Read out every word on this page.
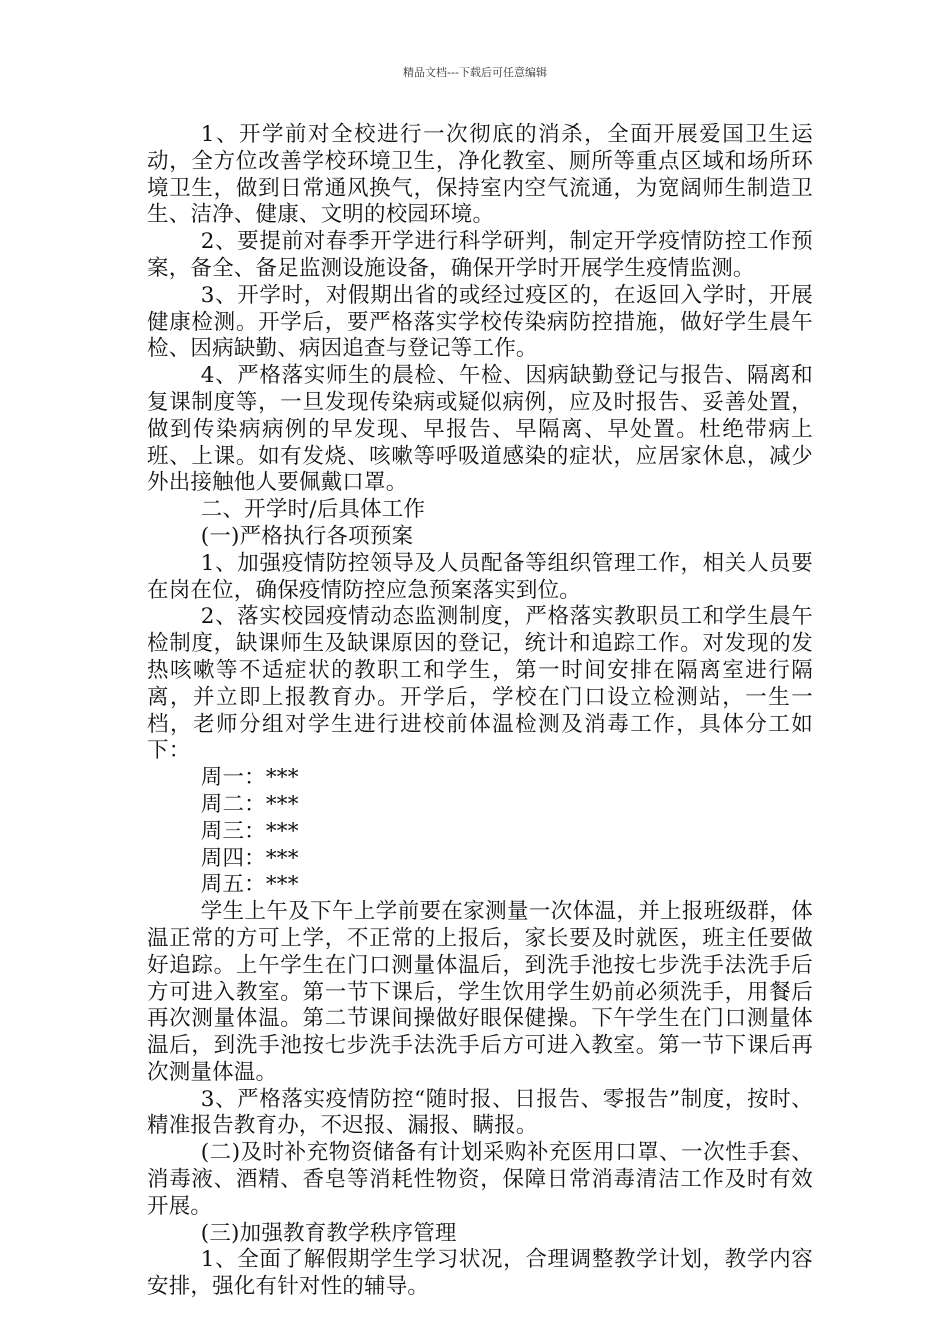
精品文档---下载后可任意编辑

1、开学前对全校进行一次彻底的消杀，全面开展爱国卫生运动，全方位改善学校环境卫生，净化教室、厕所等重点区域和场所环境卫生，做到日常通风换气，保持室内空气流通，为宽阔师生制造卫生、洁净、健康、文明的校园环境。

2、要提前对春季开学进行科学研判，制定开学疫情防控工作预案，备全、备足监测设施设备，确保开学时开展学生疫情监测。

3、开学时，对假期出省的或经过疫区的，在返回入学时，开展健康检测。开学后，要严格落实学校传染病防控措施，做好学生晨午检、因病缺勤、病因追查与登记等工作。

4、严格落实师生的晨检、午检、因病缺勤登记与报告、隔离和复课制度等，一旦发现传染病或疑似病例，应及时报告、妥善处置，做到传染病病例的早发现、早报告、早隔离、早处置。杜绝带病上班、上课。如有发烧、咳嗽等呼吸道感染的症状，应居家休息，减少外出接触他人要佩戴口罩。

二、开学时/后具体工作

(一)严格执行各项预案

1、加强疫情防控领导及人员配备等组织管理工作，相关人员要在岗在位，确保疫情防控应急预案落实到位。

2、落实校园疫情动态监测制度，严格落实教职员工和学生晨午检制度，缺课师生及缺课原因的登记，统计和追踪工作。对发现的发热咳嗽等不适症状的教职工和学生，第一时间安排在隔离室进行隔离，并立即上报教育办。开学后，学校在门口设立检测站，一生一档，老师分组对学生进行进校前体温检测及消毒工作，具体分工如下：

周一：***

周二：***

周三：***

周四：***

周五：***

学生上午及下午上学前要在家测量一次体温，并上报班级群，体温正常的方可上学，不正常的上报后，家长要及时就医，班主任要做好追踪。上午学生在门口测量体温后，到洗手池按七步洗手法洗手后方可进入教室。第一节下课后，学生饮用学生奶前必须洗手，用餐后再次测量体温。第二节课间操做好眼保健操。下午学生在门口测量体温后，到洗手池按七步洗手法洗手后方可进入教室。第一节下课后再次测量体温。

3、严格落实疫情防控“随时报、日报告、零报告”制度，按时、精准报告教育办，不迟报、漏报、瞒报。

(二)及时补充物资储备有计划采购补充医用口罩、一次性手套、消毒液、酒精、香皂等消耗性物资，保障日常消毒清洁工作及时有效开展。

(三)加强教育教学秩序管理

1、全面了解假期学生学习状况，合理调整教学计划，教学内容安排，强化有针对性的辅导。
